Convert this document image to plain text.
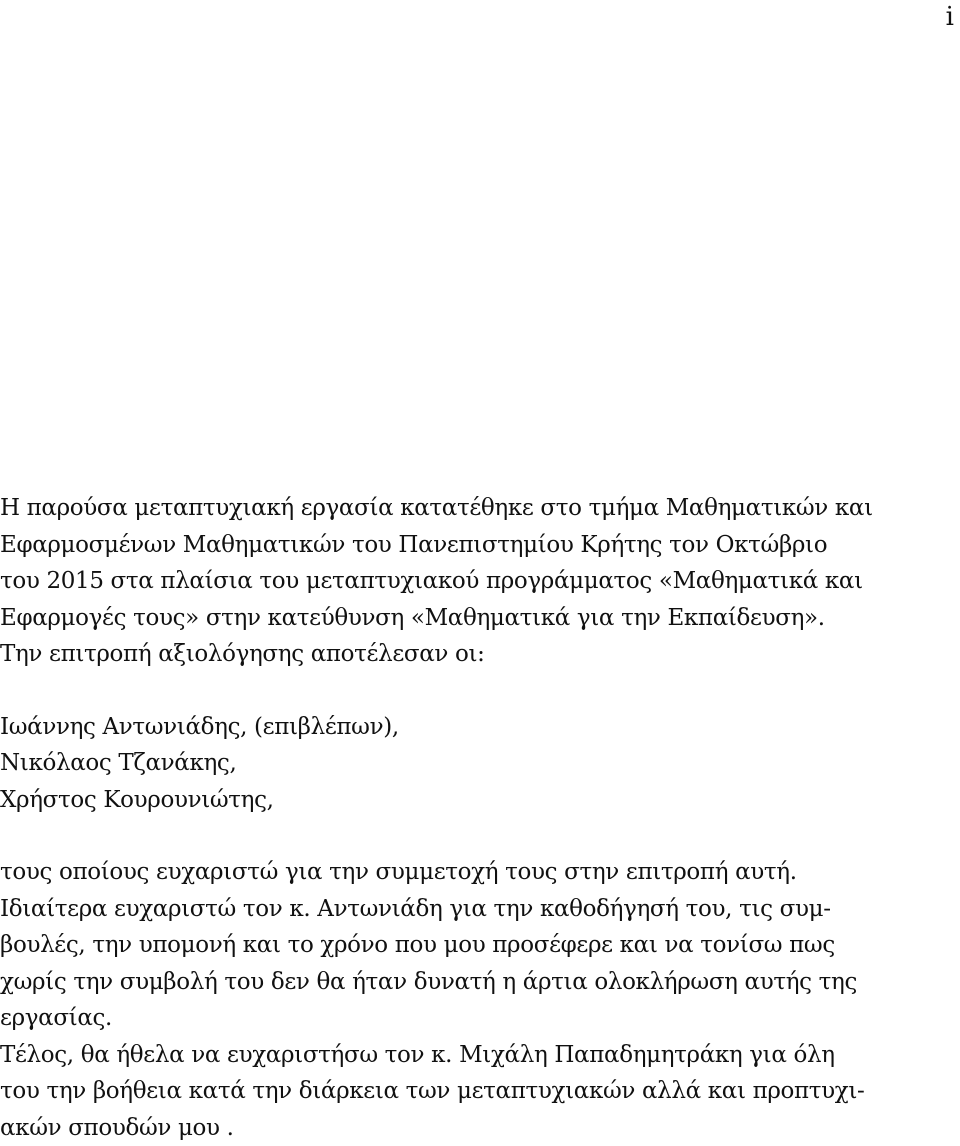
i
Η παρούσα μεταπτυχιακή εργασία κατατέθηκε στο τμήμα Μαθηματικών και
Εφαρμοσμένων Μαθηματικών του Πανεπιστημίου Κρήτης τον Οκτώβριο
του 2015 στα πλαίσια του μεταπτυχιακού προγράμματος «Μαθηματικά και
Εφαρμογές τους» στην κατεύθυνση «Μαθηματικά για την Εκπαίδευση».
Την επιτροπή αξιολόγησης αποτέλεσαν οι:
Ιωάννης Αντωνιάδης, (επιβλέπων),
Νικόλαος Τζανάκης,
Χρήστος Κουρουνιώτης,
τους οποίους ευχαριστώ για την συμμετοχή τους στην επιτροπή αυτή.
Ιδιαίτερα ευχαριστώ τον κ. Αντωνιάδη για την καθοδήγησή του, τις συμ-
βουλές, την υπομονή και το χρόνο που μου προσέφερε και να τονίσω πως
χωρίς την συμβολή του δεν θα ήταν δυνατή η άρτια ολοκλήρωση αυτής της
εργασίας.
Τέλος, θα ήθελα να ευχαριστήσω τον κ. Μιχάλη Παπαδημητράκη για όλη
του την βοήθεια κατά την διάρκεια των μεταπτυχιακών αλλά και προπτυχι-
ακών σπουδών μου .
